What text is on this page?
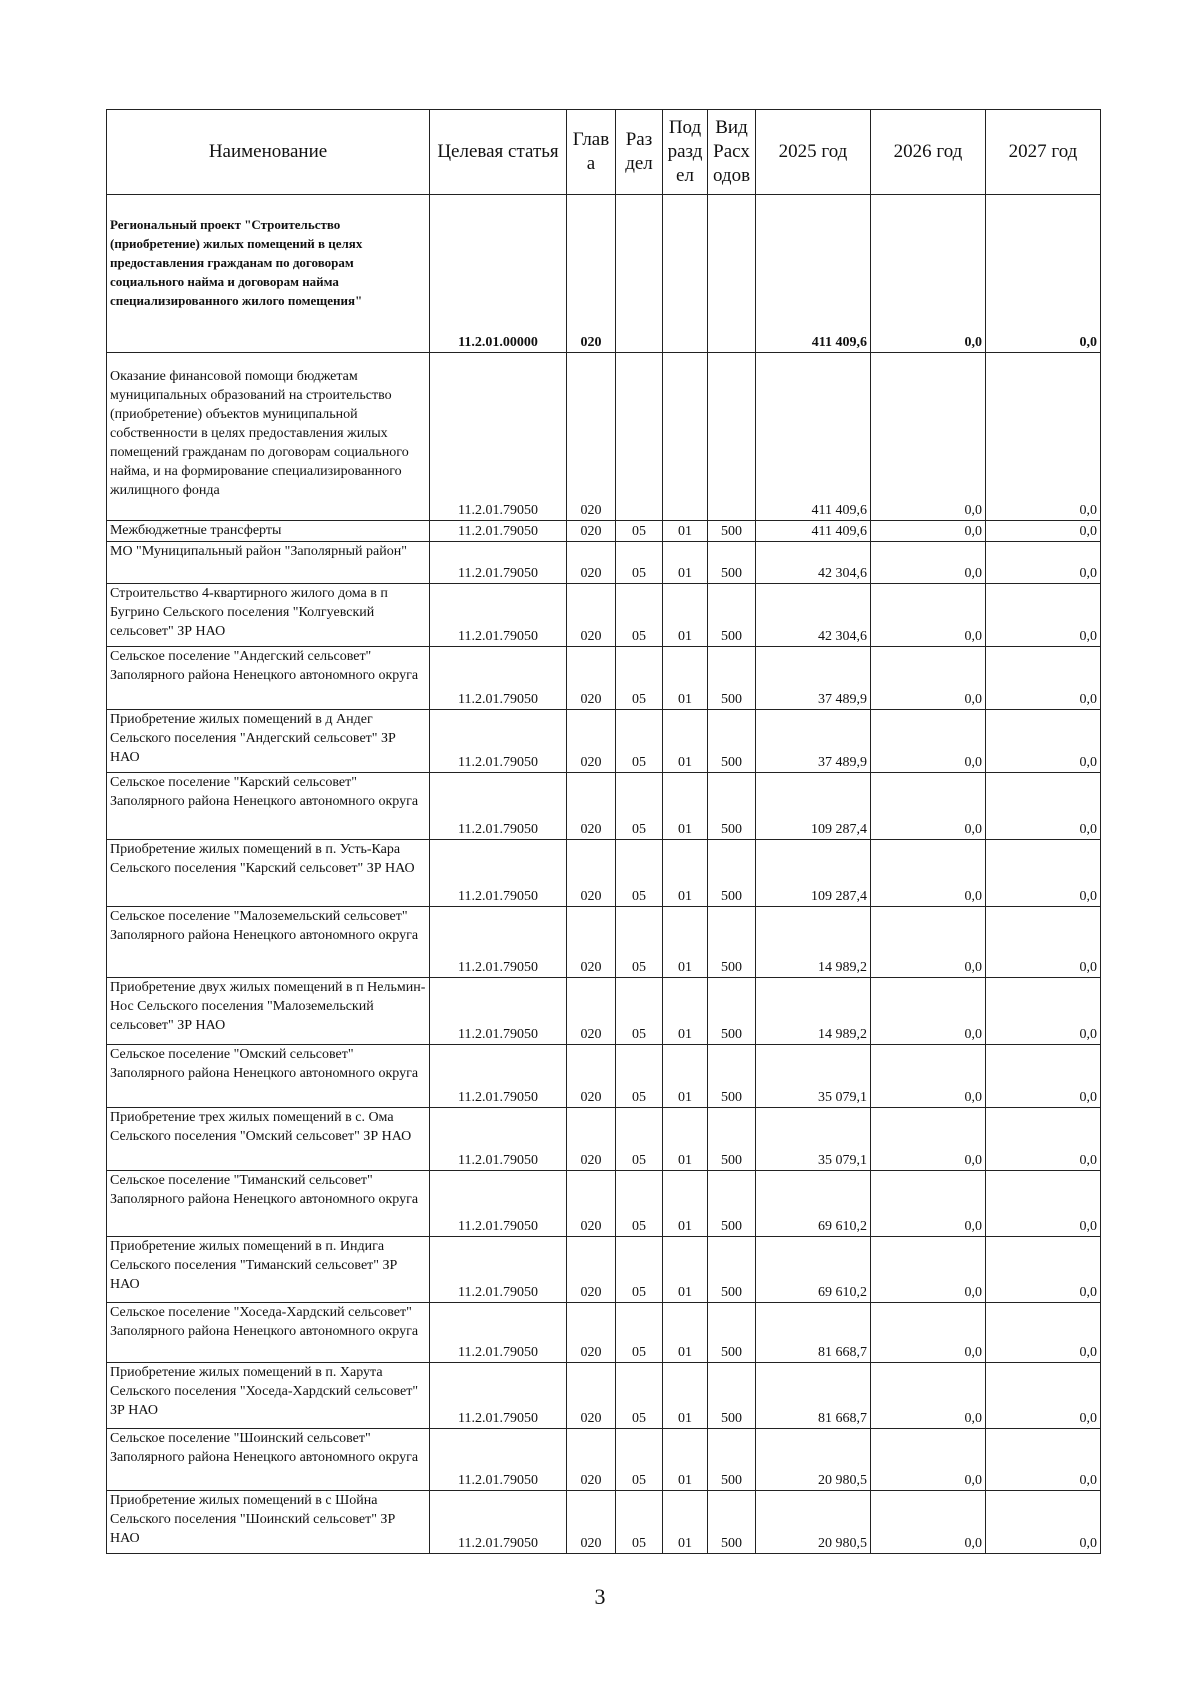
Наименование	Целевая статья	Глав а	Раз дел	Под разд ел	Вид Расх одов	2025 год	2026 год	2027 год

Региональный проект "Строительство (приобретение) жилых помещений в целях предоставления гражданам по договорам социального найма и договорам найма специализированного жилого помещения"	11.2.01.00000	020				411 409,6	0,0	0,0

Оказание финансовой помощи бюджетам муниципальных образований на строительство (приобретение) объектов муниципальной собственности в целях предоставления жилых помещений гражданам по договорам социального найма, и на формирование специализированного жилищного фонда	11.2.01.79050	020				411 409,6	0,0	0,0

Межбюджетные трансферты	11.2.01.79050	020	05	01	500	411 409,6	0,0	0,0

МО "Муниципальный район "Заполярный район"	11.2.01.79050	020	05	01	500	42 304,6	0,0	0,0

Строительство 4-квартирного жилого дома в п Бугрино Сельского поселения "Колгуевский сельсовет" ЗР НАО	11.2.01.79050	020	05	01	500	42 304,6	0,0	0,0

Сельское поселение "Андегский сельсовет" Заполярного района Ненецкого автономного округа	11.2.01.79050	020	05	01	500	37 489,9	0,0	0,0

Приобретение жилых помещений в д Андег Сельского поселения "Андегский сельсовет" ЗР НАО	11.2.01.79050	020	05	01	500	37 489,9	0,0	0,0

Сельское поселение "Карский сельсовет" Заполярного района Ненецкого автономного округа	11.2.01.79050	020	05	01	500	109 287,4	0,0	0,0

Приобретение жилых помещений в п. Усть-Кара Сельского поселения "Карский сельсовет" ЗР НАО	11.2.01.79050	020	05	01	500	109 287,4	0,0	0,0

Сельское поселение "Малоземельский сельсовет" Заполярного района Ненецкого автономного округа	11.2.01.79050	020	05	01	500	14 989,2	0,0	0,0

Приобретение двух жилых помещений в п Нельмин-Нос Сельского поселения "Малоземельский сельсовет" ЗР НАО	11.2.01.79050	020	05	01	500	14 989,2	0,0	0,0

Сельское поселение "Омский сельсовет" Заполярного района Ненецкого автономного округа	11.2.01.79050	020	05	01	500	35 079,1	0,0	0,0

Приобретение трех жилых помещений в с. Ома Сельского поселения "Омский сельсовет" ЗР НАО	11.2.01.79050	020	05	01	500	35 079,1	0,0	0,0

Сельское поселение "Тиманский сельсовет" Заполярного района Ненецкого автономного округа	11.2.01.79050	020	05	01	500	69 610,2	0,0	0,0

Приобретение жилых помещений в п. Индига Сельского поселения "Тиманский сельсовет" ЗР НАО	11.2.01.79050	020	05	01	500	69 610,2	0,0	0,0

Сельское поселение "Хоседа-Хардский сельсовет" Заполярного района Ненецкого автономного округа	11.2.01.79050	020	05	01	500	81 668,7	0,0	0,0

Приобретение жилых помещений в п. Харута Сельского поселения "Хоседа-Хардский сельсовет" ЗР НАО	11.2.01.79050	020	05	01	500	81 668,7	0,0	0,0

Сельское поселение "Шоинский сельсовет" Заполярного района Ненецкого автономного округа	11.2.01.79050	020	05	01	500	20 980,5	0,0	0,0

Приобретение жилых помещений в с Шойна Сельского поселения "Шоинский сельсовет" ЗР НАО	11.2.01.79050	020	05	01	500	20 980,5	0,0	0,0
3
